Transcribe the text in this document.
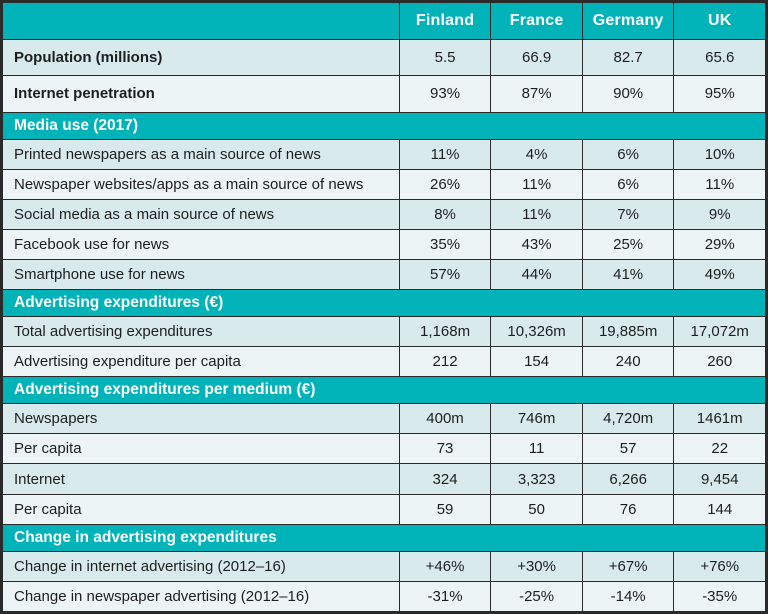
	Finland	France	Germany	UK
Population (millions)	5.5	66.9	82.7	65.6
Internet penetration	93%	87%	90%	95%
Media use (2017)				
Printed newspapers as a main source of news	11%	4%	6%	10%
Newspaper websites/apps as a main source of news	26%	11%	6%	11%
Social media as a main source of news	8%	11%	7%	9%
Facebook use for news	35%	43%	25%	29%
Smartphone use for news	57%	44%	41%	49%
Advertising expenditures (€)				
Total advertising expenditures	1,168m	10,326m	19,885m	17,072m
Advertising expenditure per capita	212	154	240	260
Advertising expenditures per medium (€)				
Newspapers	400m	746m	4,720m	1461m
Per capita	73	11	57	22
Internet	324	3,323	6,266	9,454
Per capita	59	50	76	144
Change in advertising expenditures				
Change in internet advertising (2012–16)	+46%	+30%	+67%	+76%
Change in newspaper advertising (2012–16)	-31%	-25%	-14%	-35%
